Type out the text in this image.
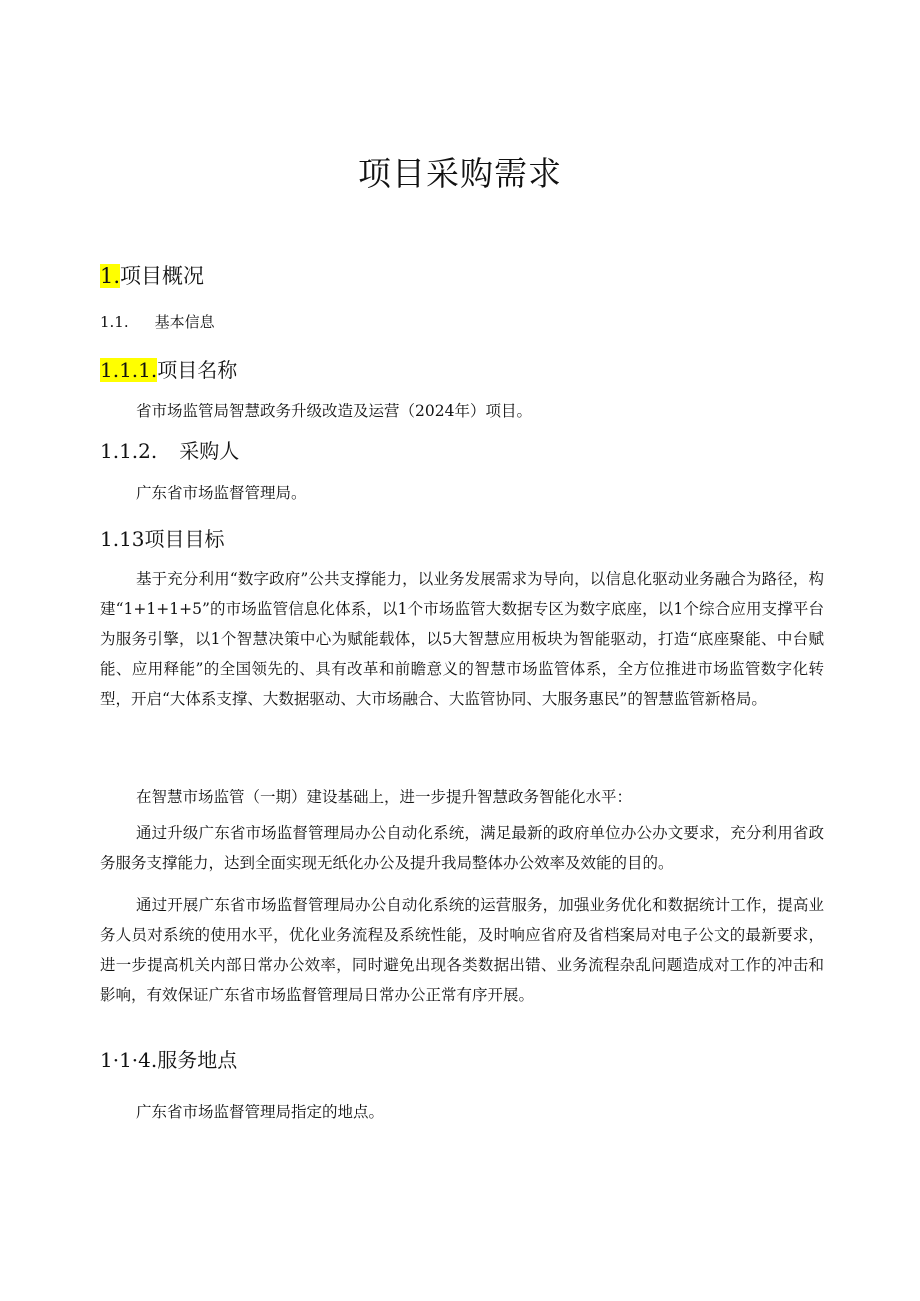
项目采购需求
1.项目概况
1.1. 基本信息
1.1.1.项目名称

省市场监管局智慧政务升级改造及运营（2024年）项目。

1.1.2. 采购人

广东省市场监督管理局。

1.13项目目标

基于充分利用“数字政府”公共支撑能力，以业务发展需求为导向，以信息化驱动业务融合为路径，构建“1+1+1+5”的市场监管信息化体系，以1个市场监管大数据专区为数字底座，以1个综合应用支撑平台为服务引擎，以1个智慧决策中心为赋能载体，以5大智慧应用板块为智能驱动，打造“底座聚能、中台赋能、应用释能”的全国领先的、具有改革和前瞻意义的智慧市场监管体系，全方位推进市场监管数字化转型，开启“大体系支撑、大数据驱动、大市场融合、大监管协同、大服务惠民”的智慧监管新格局。

在智慧市场监管（一期）建设基础上，进一步提升智慧政务智能化水平：

通过升级广东省市场监督管理局办公自动化系统，满足最新的政府单位办公办文要求，充分利用省政务服务支撑能力，达到全面实现无纸化办公及提升我局整体办公效率及效能的目的。

通过开展广东省市场监督管理局办公自动化系统的运营服务，加强业务优化和数据统计工作，提高业务人员对系统的使用水平，优化业务流程及系统性能，及时响应省府及省档案局对电子公文的最新要求，进一步提高机关内部日常办公效率，同时避免出现各类数据出错、业务流程杂乱问题造成对工作的冲击和影响，有效保证广东省市场监督管理局日常办公正常有序开展。

1·1·4.服务地点

广东省市场监督管理局指定的地点。
